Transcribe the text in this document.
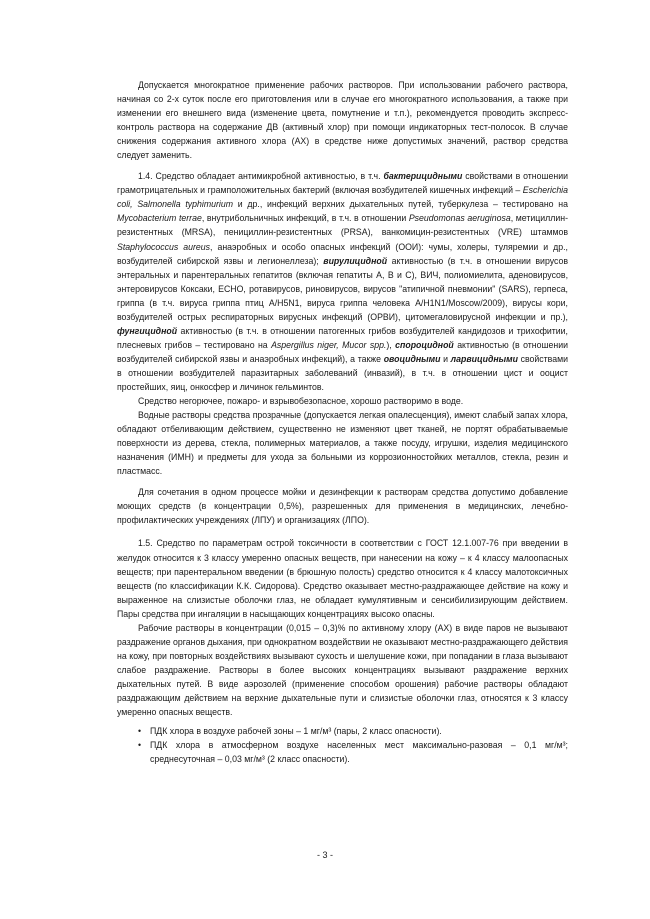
Допускается многократное применение рабочих растворов. При использовании рабочего раствора, начиная со 2-х суток после его приготовления или в случае его многократного использования, а также при изменении его внешнего вида (изменение цвета, помутнение и т.п.), рекомендуется проводить экспресс-контроль раствора на содержание ДВ (активный хлор) при помощи индикаторных тест-полосок. В случае снижения содержания активного хлора (АХ) в средстве ниже допустимых значений, раствор средства следует заменить.

1.4. Средство обладает антимикробной активностью, в т.ч. бактерицидными свойствами в отношении грамотрицательных и грамположительных бактерий (включая возбудителей кишечных инфекций – Escherichia coli, Salmonella typhimurium и др., инфекций верхних дыхательных путей, туберкулеза – тестировано на Mycobacterium terrae, внутрибольничных инфекций, в т.ч. в отношении Pseudomonas aeruginosa, метициллин-резистентных (MRSA), пенициллин-резистентных (PRSA), ванкомицин-резистентных (VRE) штаммов Staphylococcus aureus, анаэробных и особо опасных инфекций (ООИ): чумы, холеры, туляремии и др., возбудителей сибирской язвы и легионеллеза); вирулицидной активностью (в т.ч. в отношении вирусов энтеральных и парентеральных гепатитов (включая гепатиты А, В и С), ВИЧ, полиомиелита, аденовирусов, энтеровирусов Коксаки, ЕСНО, ротавирусов, риновирусов, вирусов "атипичной пневмонии" (SARS), герпеса, гриппа (в т.ч. вируса гриппа птиц A/H5N1, вируса гриппа человека A/H1N1/Moscow/2009), вирусы кори, возбудителей острых респираторных вирусных инфекций (ОРВИ), цитомегаловирусной инфекции и пр.), фунгицидной активностью (в т.ч. в отношении патогенных грибов возбудителей кандидозов и трихофитии, плесневых грибов – тестировано на Aspergillus niger, Mucor spp.), спороцидной активностью (в отношении возбудителей сибирской язвы и анаэробных инфекций), а также овоцидными и ларвицидными свойствами в отношении возбудителей паразитарных заболеваний (инвазий), в т.ч. в отношении цист и ооцист простейших, яиц, онкосфер и личинок гельминтов.

Средство негорючее, пожаро- и взрывобезопасное, хорошо растворимо в воде.

Водные растворы средства прозрачные (допускается легкая опалесценция), имеют слабый запах хлора, обладают отбеливающим действием, существенно не изменяют цвет тканей, не портят обрабатываемые поверхности из дерева, стекла, полимерных материалов, а также посуду, игрушки, изделия медицинского назначения (ИМН) и предметы для ухода за больными из коррозионностойких металлов, стекла, резин и пластмасс.

Для сочетания в одном процессе мойки и дезинфекции к растворам средства допустимо добавление моющих средств (в концентрации 0,5%), разрешенных для применения в медицинских, лечебно-профилактических учреждениях (ЛПУ) и организациях (ЛПО).

1.5. Средство по параметрам острой токсичности в соответствии с ГОСТ 12.1.007-76 при введении в желудок относится к 3 классу умеренно опасных веществ, при нанесении на кожу – к 4 классу малоопасных веществ; при парентеральном введении (в брюшную полость) средство относится к 4 классу малотоксичных веществ (по классификации К.К. Сидорова). Средство оказывает местно-раздражающее действие на кожу и выраженное на слизистые оболочки глаз, не обладает кумулятивным и сенсибилизирующим действием. Пары средства при ингаляции в насыщающих концентрациях высоко опасны.

Рабочие растворы в концентрации (0,015 – 0,3)% по активному хлору (АХ) в виде паров не вызывают раздражение органов дыхания, при однократном воздействии не оказывают местно-раздражающего действия на кожу, при повторных воздействиях вызывают сухость и шелушение кожи, при попадании в глаза вызывают слабое раздражение. Растворы в более высоких концентрациях вызывают раздражение верхних дыхательных путей. В виде аэрозолей (применение способом орошения) рабочие растворы обладают раздражающим действием на верхние дыхательные пути и слизистые оболочки глаз, относятся к 3 классу умеренно опасных веществ.

• ПДК хлора в воздухе рабочей зоны – 1 мг/м³ (пары, 2 класс опасности).
• ПДК хлора в атмосферном воздухе населенных мест максимально-разовая – 0,1 мг/м³; среднесуточная – 0,03 мг/м³ (2 класс опасности).
- 3 -
